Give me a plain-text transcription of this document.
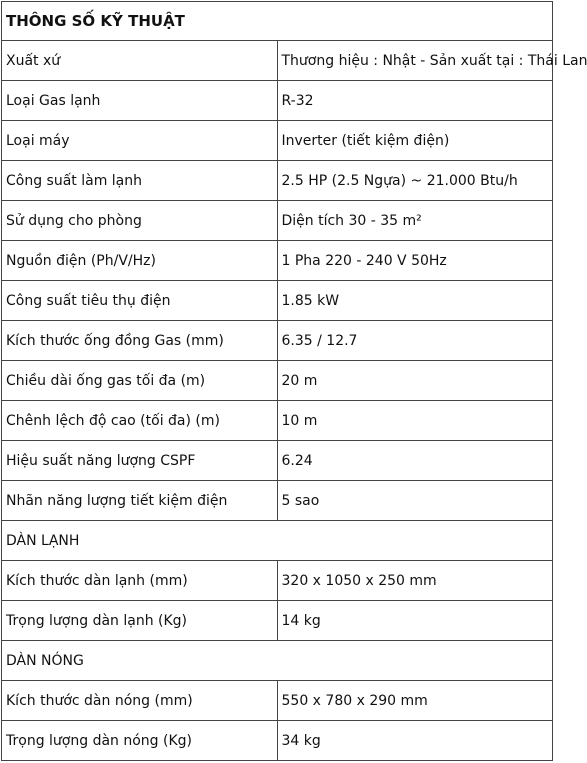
THÔNG SỐ KỸ THUẬT	
Xuất xứ	Thương hiệu : Nhật - Sản xuất tại : Thái Lan
Loại Gas lạnh	R-32
Loại máy	Inverter (tiết kiệm điện)
Công suất làm lạnh	2.5 HP (2.5 Ngựa) ~ 21.000 Btu/h
Sử dụng cho phòng	Diện tích 30 - 35 m²
Nguồn điện (Ph/V/Hz)	1 Pha 220 - 240 V 50Hz
Công suất tiêu thụ điện	1.85 kW
Kích thước ống đồng Gas (mm)	6.35 / 12.7
Chiều dài ống gas tối đa (m)	20 m
Chênh lệch độ cao (tối đa) (m)	10 m
Hiệu suất năng lượng CSPF	6.24
Nhãn năng lượng tiết kiệm điện	5 sao
DÀN LẠNH	
Kích thước dàn lạnh (mm)	320 x 1050 x 250 mm
Trọng lượng dàn lạnh (Kg)	14 kg
DÀN NÓNG	
Kích thước dàn nóng (mm)	550 x 780 x 290 mm
Trọng lượng dàn nóng (Kg)	34 kg
